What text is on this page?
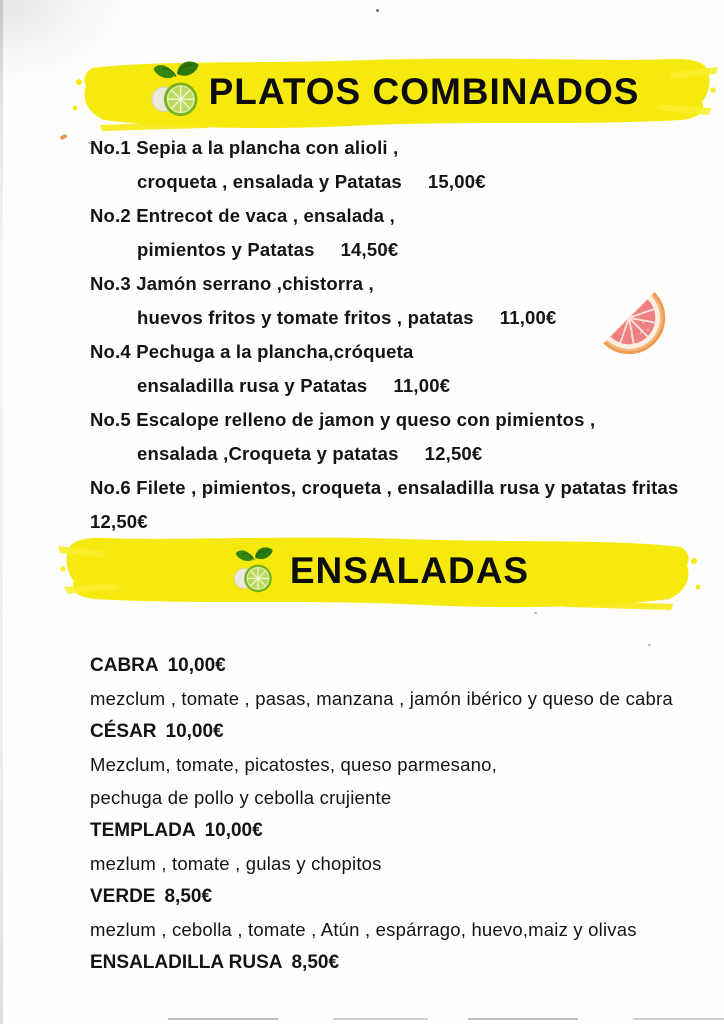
PLATOS COMBINADOS
No.1 Sepia a la plancha con alioli ,
croqueta , ensalada y Patatas 15,00€
No.2 Entrecot de vaca , ensalada ,
pimientos y Patatas 14,50€
No.3 Jamón serrano ,chistorra ,
huevos fritos y tomate fritos , patatas 11,00€
No.4 Pechuga a la plancha,cróqueta
ensaladilla rusa y Patatas 11,00€
No.5 Escalope relleno de jamon y queso con pimientos ,
ensalada ,Croqueta y patatas 12,50€
No.6 Filete , pimientos, croqueta , ensaladilla rusa y patatas fritas
12,50€
ENSALADAS
CABRA 10,00€
mezclum , tomate , pasas, manzana , jamón ibérico y queso de cabra
CÉSAR 10,00€
Mezclum, tomate, picatostes, queso parmesano,
pechuga de pollo y cebolla crujiente
TEMPLADA 10,00€
mezlum , tomate , gulas y chopitos
VERDE 8,50€
mezlum , cebolla , tomate , Atún , espárrago, huevo,maiz y olivas
ENSALADILLA RUSA 8,50€
